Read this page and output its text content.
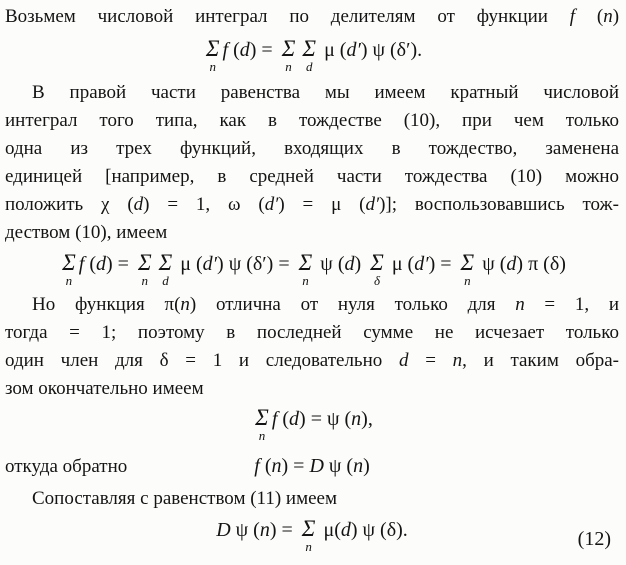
Возьмем числовой интеграл по делителям от функции f (n)
Σ
n
f (d) = Σ
n
Σ
d
μ (d′) ψ (δ′).
В правой части равенства мы имеем кратный числовой
интеграл того типа, как в тождестве (10), при чем только
одна из трех функций, входящих в тождество, заменена
единицей [например, в средней части тождества (10) можно
положить χ (d) = 1, ω (d′) = μ (d′)]; воспользовавшись тож-
деством (10), имеем
Σ
n
f (d) = Σ
n
Σ
d
μ (d′) ψ (δ′) = Σ
n
ψ (d) Σ
δ
μ (d′) = Σ
n
ψ (d) π (δ)
Но функция π(n) отлична от нуля только для n = 1, и
тогда = 1; поэтому в последней сумме не исчезает только
один член для δ = 1 и следовательно d = n, и таким обра-
зом окончательно имеем
Σ
n
f (d) = ψ (n),
откуда обратно	f (n) = D ψ (n)
Сопоставляя с равенством (11) имеем
D ψ (n) = Σ
n
μ(d) ψ (δ).	(12)
